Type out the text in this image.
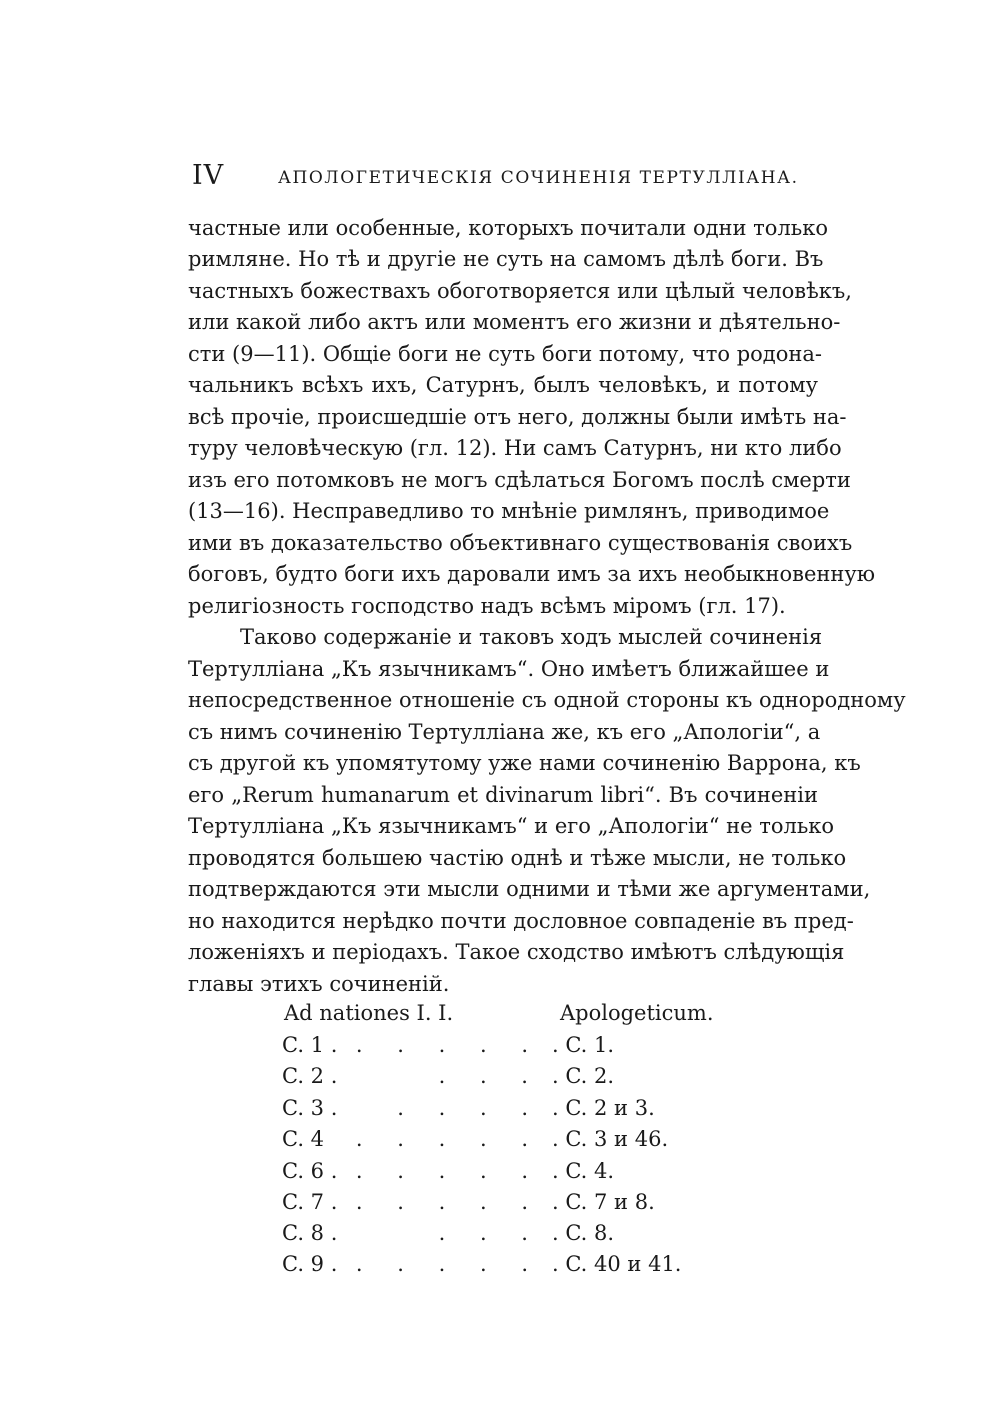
IV	АПОЛОГЕТИЧЕСКІЯ СОЧИНЕНІЯ ТЕРТУЛЛІАНА.
частные или особенные, которыхъ почитали одни только
римляне. Но тѣ и другіе не суть на самомъ дѣлѣ боги. Въ
частныхъ божествахъ обоготворяется или цѣлый человѣкъ,
или какой либо актъ или моментъ его жизни и дѣятельно-
сти (9—11). Общіе боги не суть боги потому, что родона-
чальникъ всѣхъ ихъ, Сатурнъ, былъ человѣкъ, и потому
всѣ прочіе, происшедшіе отъ него, должны были имѣть на-
туру человѣческую (гл. 12). Ни самъ Сатурнъ, ни кто либо
изъ его потомковъ не могъ сдѣлаться Богомъ послѣ смерти
(13—16). Несправедливо то мнѣніе римлянъ, приводимое
ими въ доказательство объективнаго существованія своихъ
боговъ, будто боги ихъ даровали имъ за ихъ необыкновенную
религіозность господство надъ всѣмъ міромъ (гл. 17).
Таково содержаніе и таковъ ходъ мыслей сочиненія
Тертулліана „Къ язычникамъ“. Оно имѣетъ ближайшее и
непосредственное отношеніе съ одной стороны къ однородному
съ нимъ сочиненію Тертулліана же, къ его „Апологіи“, а
съ другой къ упомятутому уже нами сочиненію Варрона, къ
его „Rerum humanarum et divinarum libri“. Въ сочиненіи
Тертулліана „Къ язычникамъ“ и его „Апологіи“ не только
проводятся большею частію однѣ и тѣже мысли, не только
подтверждаются эти мысли одними и тѣми же аргументами,
но находится нерѣдко почти дословное совпаденіе въ пред-
ложеніяхъ и періодахъ. Такое сходство имѣютъ слѣдующія
главы этихъ сочиненій.
Ad nationes I. I.	Apologeticum.
C. 1 . . . . . . . C. 1.
C. 2 .	. . . . C. 2.
C. 3 .	. . . . . C. 2 и 3.
C. 4	. . . . . . C. 3 и 46.
C. 6 . . . . . . . C. 4.
C. 7 . . . . . . . C. 7 и 8.
C. 8 .	. . . . C. 8.
C. 9 . . . . . . . C. 40 и 41.
